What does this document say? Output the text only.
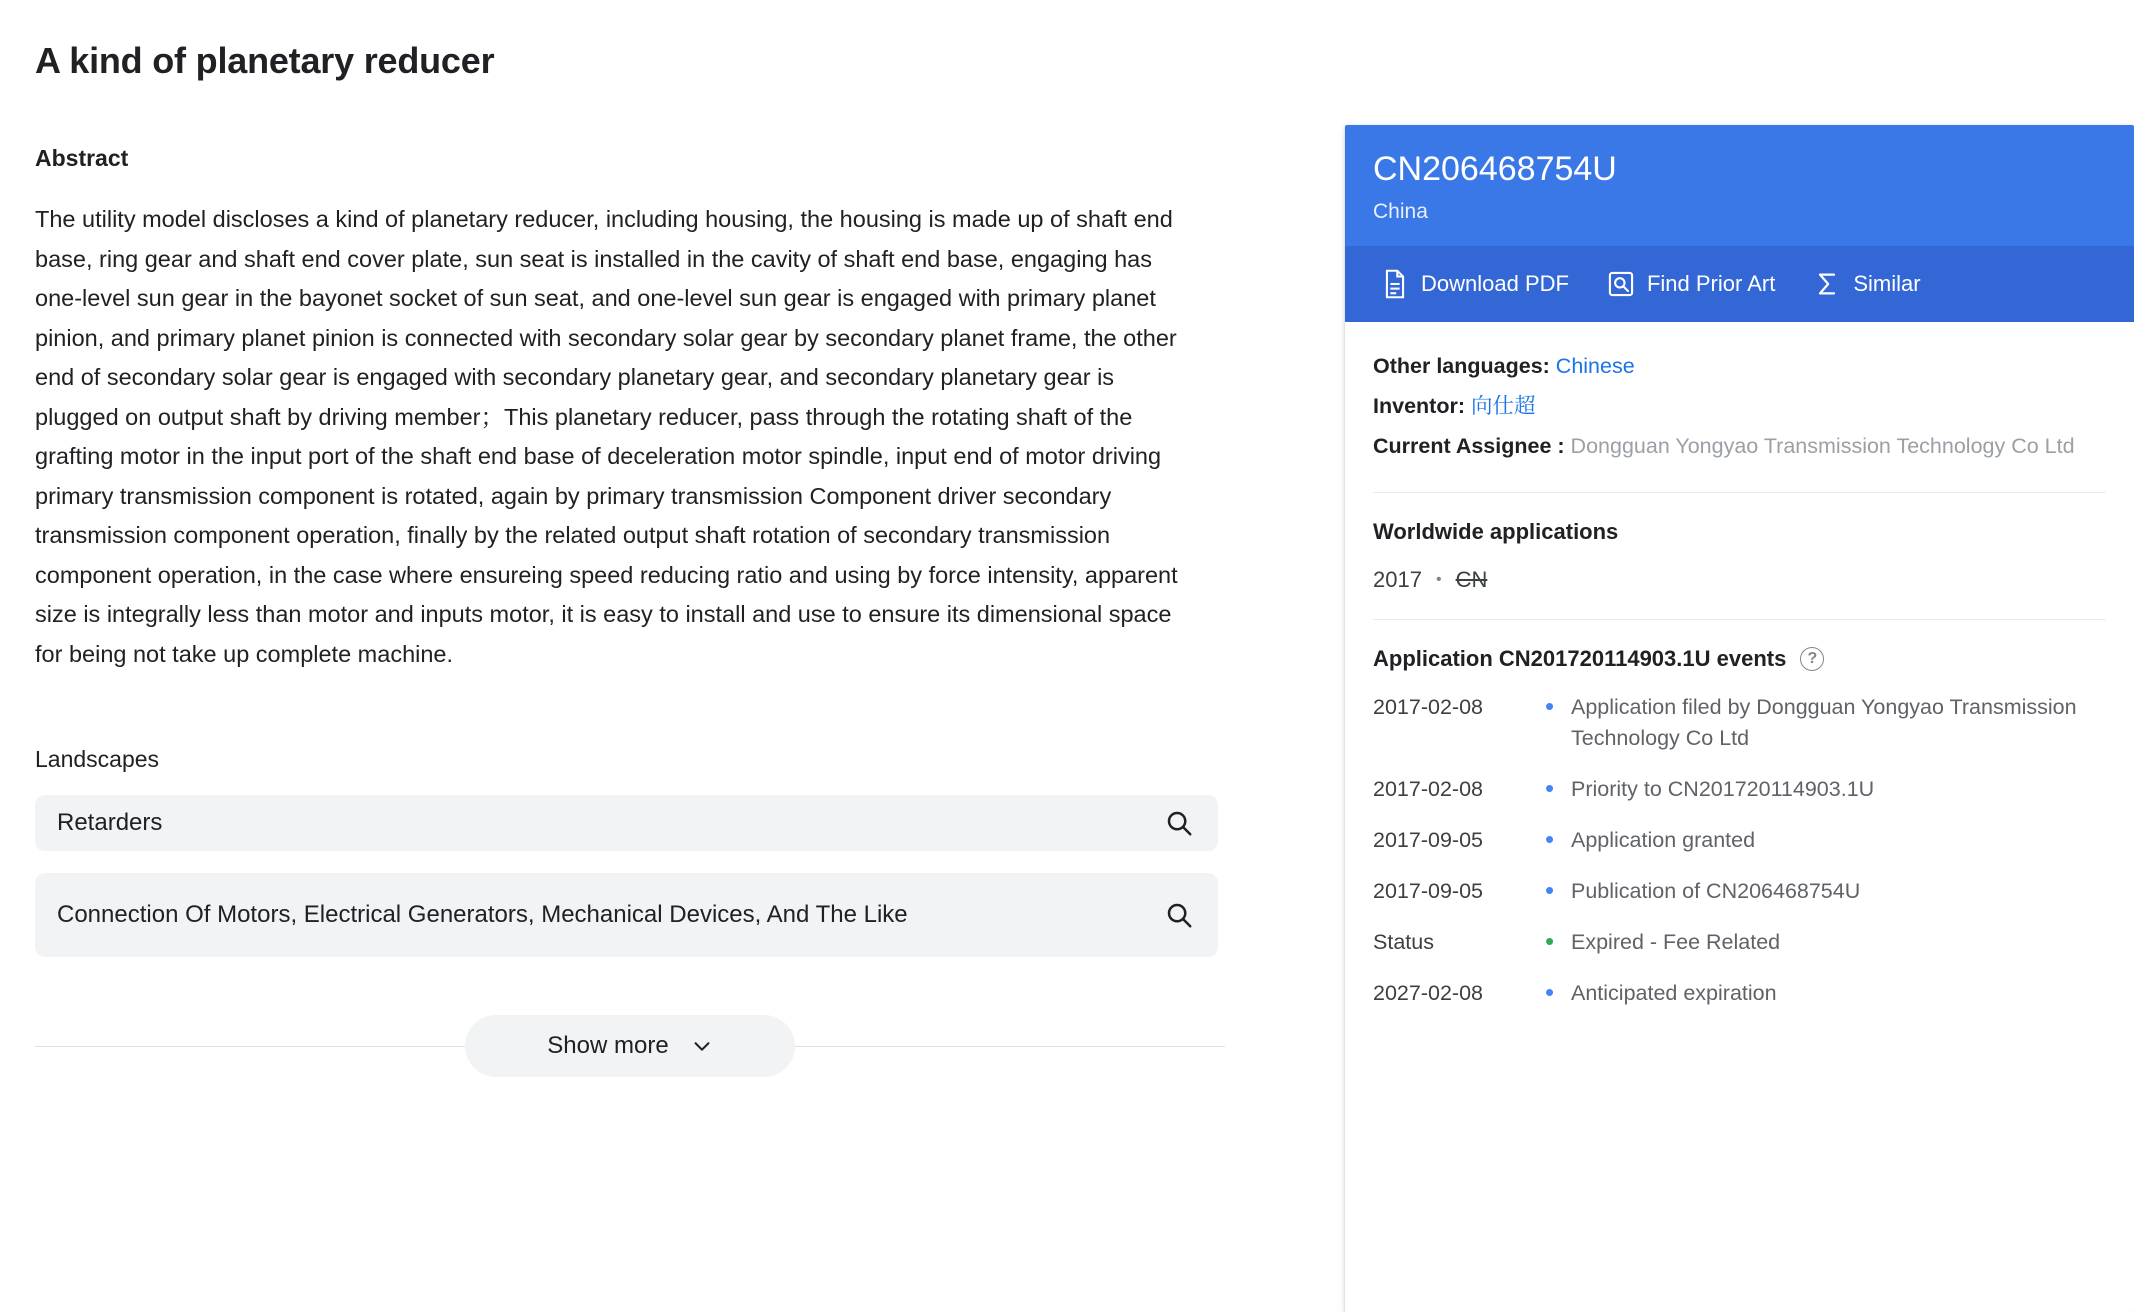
A kind of planetary reducer
Abstract

The utility model discloses a kind of planetary reducer, including housing, the housing is made up of shaft end base, ring gear and shaft end cover plate, sun seat is installed in the cavity of shaft end base, engaging has one-level sun gear in the bayonet socket of sun seat, and one-level sun gear is engaged with primary planet pinion, and primary planet pinion is connected with secondary solar gear by secondary planet frame, the other end of secondary solar gear is engaged with secondary planetary gear, and secondary planetary gear is plugged on output shaft by driving member；This planetary reducer, pass through the rotating shaft of the grafting motor in the input port of the shaft end base of deceleration motor spindle, input end of motor driving primary transmission component is rotated, again by primary transmission Component driver secondary transmission component operation, finally by the related output shaft rotation of secondary transmission component operation, in the case where ensureing speed reducing ratio and using by force intensity, apparent size is integrally less than motor and inputs motor, it is easy to install and use to ensure its dimensional space for being not take up complete machine.

Landscapes
Retarders
Connection Of Motors, Electrical Generators, Mechanical Devices, And The Like
Show more
CN206468754U
China
Download PDF	Find Prior Art	Similar
Other languages: Chinese
Inventor: 向仕超
Current Assignee : Dongguan Yongyao Transmission Technology Co Ltd
Worldwide applications
2017 • CN
Application CN201720114903.1U events	?
2017-02-08	• Application filed by Dongguan Yongyao Transmission Technology Co Ltd
2017-02-08	• Priority to CN201720114903.1U
2017-09-05	• Application granted
2017-09-05	• Publication of CN206468754U
Status	• Expired - Fee Related
2027-02-08	• Anticipated expiration
